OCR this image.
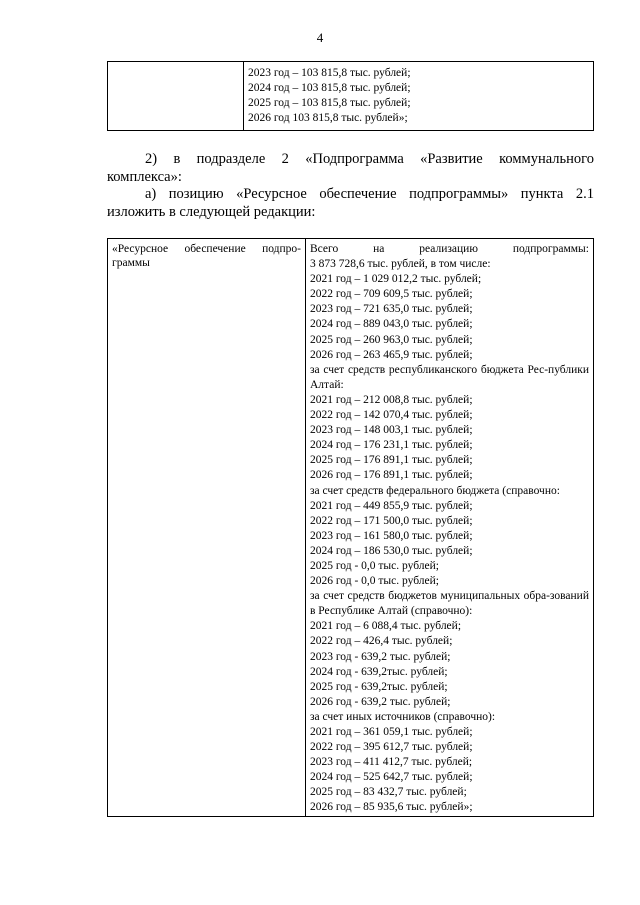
4

2023 год – 103 815,8 тыс. рублей;
2024 год – 103 815,8 тыс. рублей;
2025 год – 103 815,8 тыс. рублей;
2026 год 103 815,8 тыс. рублей»;
2) в подразделе 2 «Подпрограмма «Развитие коммунального комплекса»:
а) позицию «Ресурсное обеспечение подпрограммы» пункта 2.1 изложить в следующей редакции:
«Ресурсное обеспечение подпро-граммы	
Всего	на	реализацию	подпрограммы:
3 873 728,6 тыс. рублей, в том числе:
2021 год – 1 029 012,2 тыс. рублей;
2022 год – 709 609,5 тыс. рублей;
2023 год – 721 635,0 тыс. рублей;
2024 год – 889 043,0 тыс. рублей;
2025 год – 260 963,0 тыс. рублей;
2026 год – 263 465,9 тыс. рублей;
за счет средств республиканского бюджета Рес-публики Алтай:
2021 год – 212 008,8 тыс. рублей;
2022 год – 142 070,4 тыс. рублей;
2023 год – 148 003,1 тыс. рублей;
2024 год – 176 231,1 тыс. рублей;
2025 год – 176 891,1 тыс. рублей;
2026 год – 176 891,1 тыс. рублей;
за счет средств федерального бюджета (справочно:
2021 год – 449 855,9 тыс. рублей;
2022 год – 171 500,0 тыс. рублей;
2023 год – 161 580,0 тыс. рублей;
2024 год – 186 530,0 тыс. рублей;
2025 год - 0,0 тыс. рублей;
2026 год - 0,0 тыс. рублей;
за счет средств бюджетов муниципальных обра-зований в Республике Алтай (справочно):
2021 год – 6 088,4 тыс. рублей;
2022 год – 426,4 тыс. рублей;
2023 год - 639,2 тыс. рублей;
2024 год - 639,2тыс. рублей;
2025 год - 639,2тыс. рублей;
2026 год - 639,2 тыс. рублей;
за счет иных источников (справочно):
2021 год – 361 059,1 тыс. рублей;
2022 год – 395 612,7 тыс. рублей;
2023 год – 411 412,7 тыс. рублей;
2024 год – 525 642,7 тыс. рублей;
2025 год – 83 432,7 тыс. рублей;
2026 год – 85 935,6 тыс. рублей»;
